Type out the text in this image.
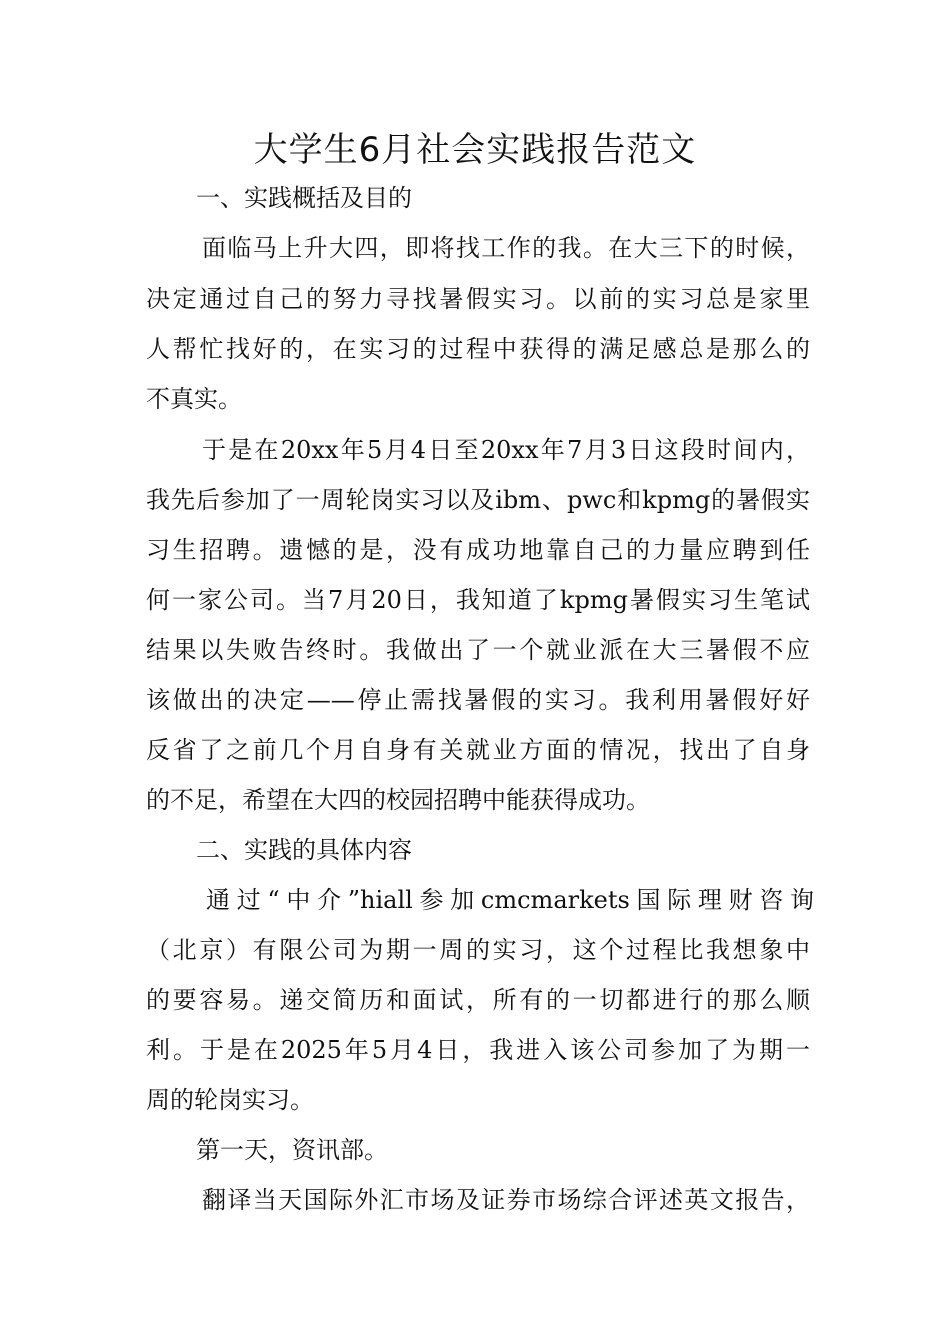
大学生6月社会实践报告范文
一、实践概括及目的
面临马上升大四，即将找工作的我。在大三下的时候，
决定通过自己的努力寻找暑假实习。以前的实习总是家里
人帮忙找好的，在实习的过程中获得的满足感总是那么的
不真实。
于是在20xx年5月4日至20xx年7月3日这段时间内，
我先后参加了一周轮岗实习以及ibm、pwc和kpmg的暑假实
习生招聘。遗憾的是，没有成功地靠自己的力量应聘到任
何一家公司。当7月20日，我知道了kpmg暑假实习生笔试
结果以失败告终时。我做出了一个就业派在大三暑假不应
该做出的决定——停止需找暑假的实习。我利用暑假好好
反省了之前几个月自身有关就业方面的情况，找出了自身
的不足，希望在大四的校园招聘中能获得成功。
二、实践的具体内容
通过“中介”hiall参加cmcmarkets国际理财咨询
（北京）有限公司为期一周的实习，这个过程比我想象中
的要容易。递交简历和面试，所有的一切都进行的那么顺
利。于是在2025年5月4日，我进入该公司参加了为期一
周的轮岗实习。
第一天，资讯部。
翻译当天国际外汇市场及证券市场综合评述英文报告，
